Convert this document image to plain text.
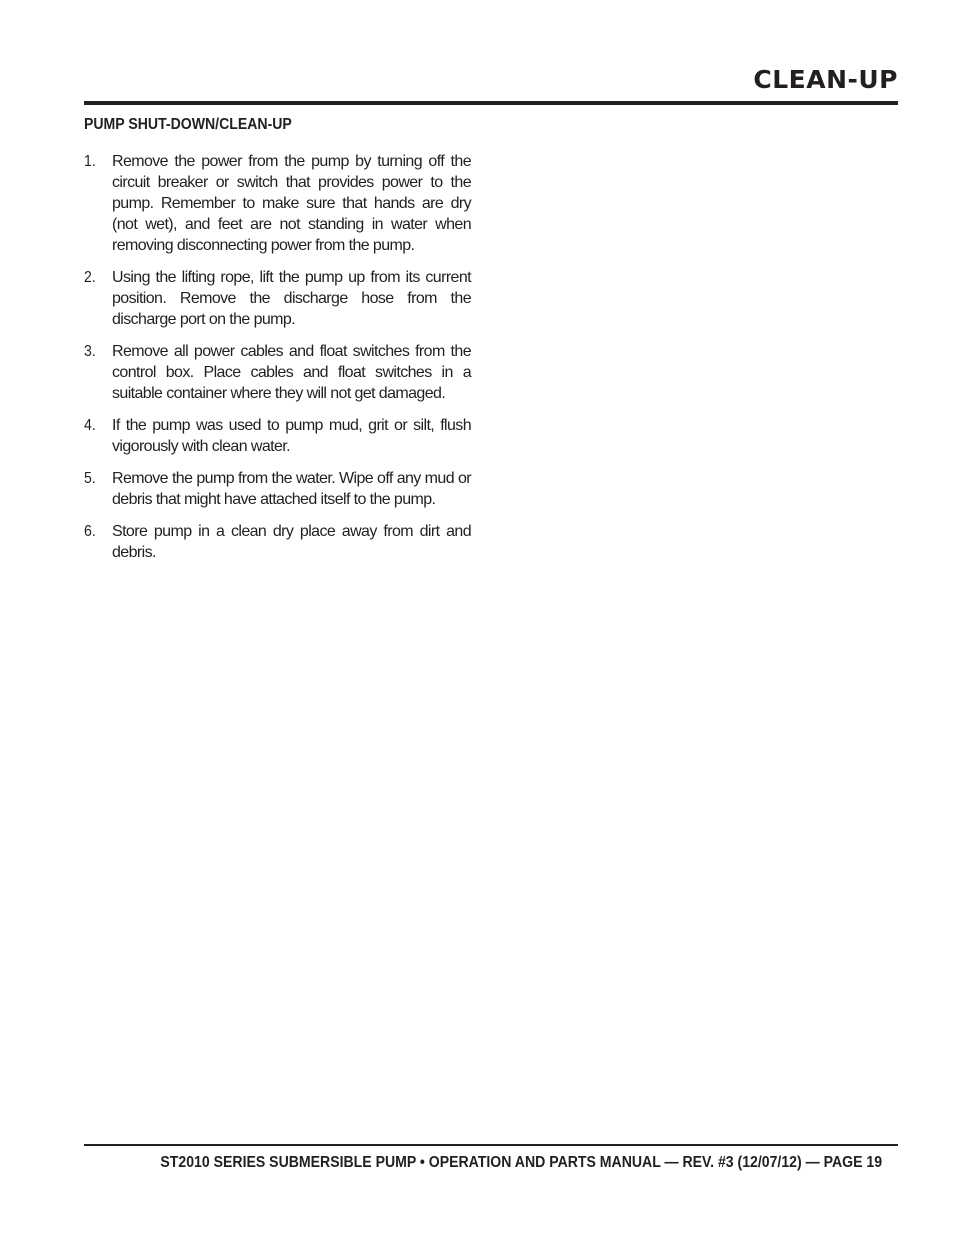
CLEAN-UP
PUMP SHUT-DOWN/CLEAN-UP
1.	Remove the power from the pump by turning off the circuit breaker or switch that provides power to the pump. Remember to make sure that hands are dry (not wet), and feet are not standing in water when removing disconnecting power from the pump.
2.	Using the lifting rope, lift the pump up from its current position. Remove the discharge hose from the discharge port on the pump.
3.	Remove all power cables and float switches from the control box. Place cables and float switches in a suitable container where they will not get damaged.
4.	If the pump was used to pump mud, grit or silt, flush vigorously with clean water.
5.	Remove the pump from the water. Wipe off any mud or debris that might have attached itself to the pump.
6.	Store pump in a clean dry place away from dirt and debris.
ST2010 SERIES SUBMERSIBLE PUMP • OPERATION AND PARTS MANUAL — REV. #3 (12/07/12) — PAGE 19
